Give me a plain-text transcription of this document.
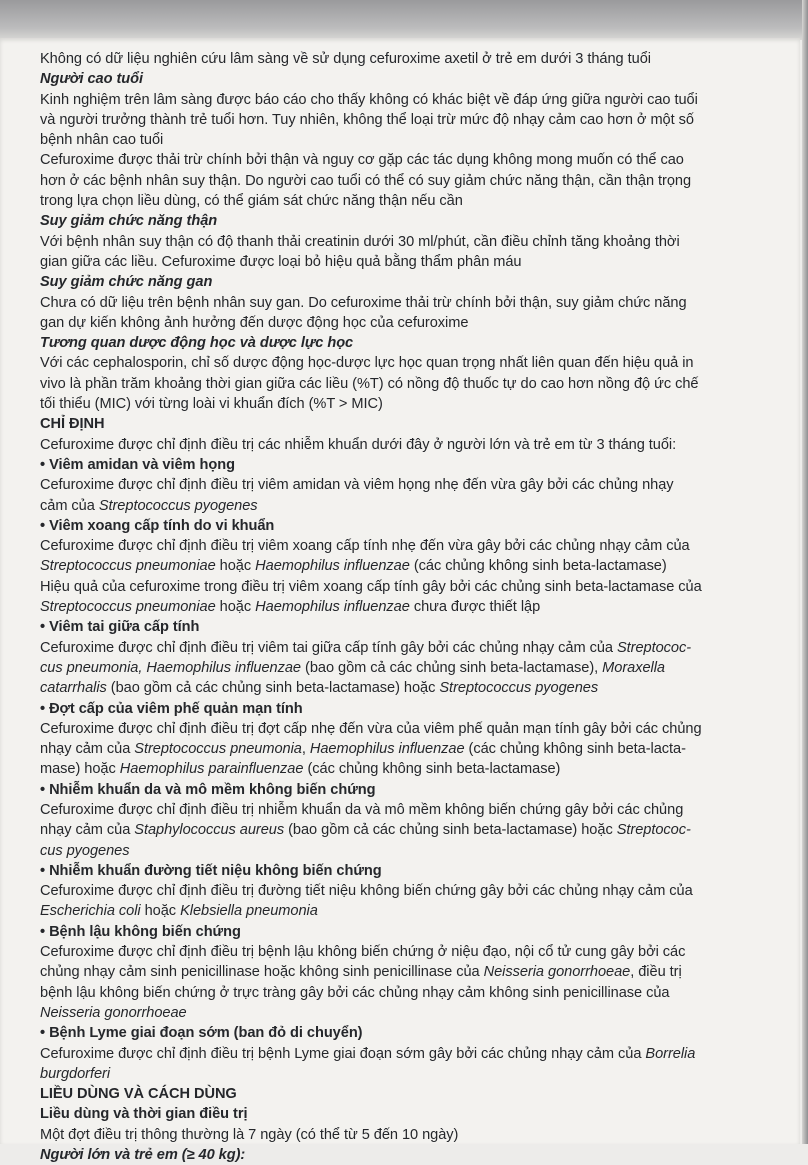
Không có dữ liệu nghiên cứu lâm sàng về sử dụng cefuroxime axetil ở trẻ em dưới 3 tháng tuổi
Người cao tuổi
Kinh nghiệm trên lâm sàng được báo cáo cho thấy không có khác biệt về đáp ứng giữa người cao tuổi
và người trưởng thành trẻ tuổi hơn. Tuy nhiên, không thể loại trừ mức độ nhạy cảm cao hơn ở một số
bệnh nhân cao tuổi
Cefuroxime được thải trừ chính bởi thận và nguy cơ gặp các tác dụng không mong muốn có thể cao
hơn ở các bệnh nhân suy thận. Do người cao tuổi có thể có suy giảm chức năng thận, cần thận trọng
trong lựa chọn liều dùng, có thể giám sát chức năng thận nếu cần
Suy giảm chức năng thận
Với bệnh nhân suy thận có độ thanh thải creatinin dưới 30 ml/phút, cần điều chỉnh tăng khoảng thời
gian giữa các liều. Cefuroxime được loại bỏ hiệu quả bằng thẩm phân máu
Suy giảm chức năng gan
Chưa có dữ liệu trên bệnh nhân suy gan. Do cefuroxime thải trừ chính bởi thận, suy giảm chức năng
gan dự kiến không ảnh hưởng đến dược động học của cefuroxime
Tương quan dược động học và dược lực học
Với các cephalosporin, chỉ số dược động học-dược lực học quan trọng nhất liên quan đến hiệu quả in
vivo là phần trăm khoảng thời gian giữa các liều (%T) có nồng độ thuốc tự do cao hơn nồng độ ức chế
tối thiểu (MIC) với từng loài vi khuẩn đích (%T > MIC)
CHỈ ĐỊNH
Cefuroxime được chỉ định điều trị các nhiễm khuẩn dưới đây ở người lớn và trẻ em từ 3 tháng tuổi:
• Viêm amidan và viêm họng
Cefuroxime được chỉ định điều trị viêm amidan và viêm họng nhẹ đến vừa gây bởi các chủng nhạy
cảm của Streptococcus pyogenes
• Viêm xoang cấp tính do vi khuẩn
Cefuroxime được chỉ định điều trị viêm xoang cấp tính nhẹ đến vừa gây bởi các chủng nhạy cảm của
Streptococcus pneumoniae hoặc Haemophilus influenzae (các chủng không sinh beta-lactamase)
Hiệu quả của cefuroxime trong điều trị viêm xoang cấp tính gây bởi các chủng sinh beta-lactamase của
Streptococcus pneumoniae hoặc Haemophilus influenzae chưa được thiết lập
• Viêm tai giữa cấp tính
Cefuroxime được chỉ định điều trị viêm tai giữa cấp tính gây bởi các chủng nhạy cảm của Streptococ-
cus pneumonia, Haemophilus influenzae (bao gồm cả các chủng sinh beta-lactamase), Moraxella
catarrhalis (bao gồm cả các chủng sinh beta-lactamase) hoặc Streptococcus pyogenes
• Đợt cấp của viêm phế quản mạn tính
Cefuroxime được chỉ định điều trị đợt cấp nhẹ đến vừa của viêm phế quản mạn tính gây bởi các chủng
nhạy cảm của Streptococcus pneumonia, Haemophilus influenzae (các chủng không sinh beta-lacta-
mase) hoặc Haemophilus parainfluenzae (các chủng không sinh beta-lactamase)
• Nhiễm khuẩn da và mô mềm không biến chứng
Cefuroxime được chỉ định điều trị nhiễm khuẩn da và mô mềm không biến chứng gây bởi các chủng
nhạy cảm của Staphylococcus aureus (bao gồm cả các chủng sinh beta-lactamase) hoặc Streptococ-
cus pyogenes
• Nhiễm khuẩn đường tiết niệu không biến chứng
Cefuroxime được chỉ định điều trị đường tiết niệu không biến chứng gây bởi các chủng nhạy cảm của
Escherichia coli hoặc Klebsiella pneumonia
• Bệnh lậu không biến chứng
Cefuroxime được chỉ định điều trị bệnh lậu không biến chứng ở niệu đạo, nội cổ tử cung gây bởi các
chủng nhạy cảm sinh penicillinase hoặc không sinh penicillinase của Neisseria gonorrhoeae, điều trị
bệnh lậu không biến chứng ở trực tràng gây bởi các chủng nhạy cảm không sinh penicillinase của
Neisseria gonorrhoeae
• Bệnh Lyme giai đoạn sớm (ban đỏ di chuyển)
Cefuroxime được chỉ định điều trị bệnh Lyme giai đoạn sớm gây bởi các chủng nhạy cảm của Borrelia
burgdorferi
LIỀU DÙNG VÀ CÁCH DÙNG
Liều dùng và thời gian điều trị
Một đợt điều trị thông thường là 7 ngày (có thể từ 5 đến 10 ngày)
Người lớn và trẻ em (≥ 40 kg):
